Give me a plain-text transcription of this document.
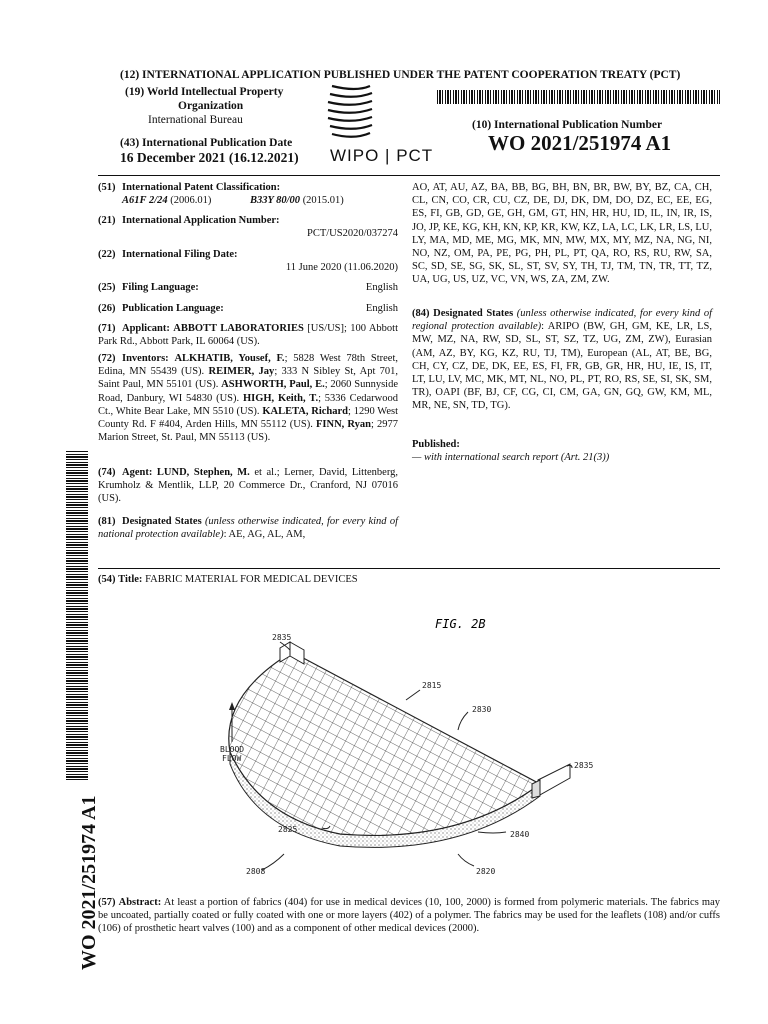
(12) INTERNATIONAL APPLICATION PUBLISHED UNDER THE PATENT COOPERATION TREATY (PCT)
(19) World Intellectual Property
Organization
International Bureau
(43) International Publication Date
16 December 2021 (16.12.2021) WIPO | PCT
(10) International Publication Number
WO 2021/251974 A1
(51) International Patent Classification:
A61F 2/24 (2006.01)	B33Y 80/00 (2015.01)
(21) International Application Number:
PCT/US2020/037274
(22) International Filing Date:
11 June 2020 (11.06.2020)
(25) Filing Language:	English
(26) Publication Language:	English
(71) Applicant: ABBOTT LABORATORIES [US/US]; 100 Abbott Park Rd., Abbott Park, IL 60064 (US).
(72) Inventors: ALKHATIB, Yousef, F.; 5828 West 78th Street, Edina, MN 55439 (US). REIMER, Jay; 333 N Sibley St, Apt 701, Saint Paul, MN 55101 (US). ASHWORTH, Paul, E.; 2060 Sunnyside Road, Danbury, WI 54830 (US). HIGH, Keith, T.; 5336 Cedarwood Ct., White Bear Lake, MN 5510 (US). KALETA, Richard; 1290 West County Rd. F #404, Arden Hills, MN 55112 (US). FINN, Ryan; 2977 Marion Street, St. Paul, MN 55113 (US).
(74) Agent: LUND, Stephen, M. et al.; Lerner, David, Littenberg, Krumholz & Mentlik, LLP, 20 Commerce Dr., Cranford, NJ 07016 (US).
(81) Designated States (unless otherwise indicated, for every kind of national protection available): AE, AG, AL, AM,
AO, AT, AU, AZ, BA, BB, BG, BH, BN, BR, BW, BY, BZ, CA, CH, CL, CN, CO, CR, CU, CZ, DE, DJ, DK, DM, DO, DZ, EC, EE, EG, ES, FI, GB, GD, GE, GH, GM, GT, HN, HR, HU, ID, IL, IN, IR, IS, JO, JP, KE, KG, KH, KN, KP, KR, KW, KZ, LA, LC, LK, LR, LS, LU, LY, MA, MD, ME, MG, MK, MN, MW, MX, MY, MZ, NA, NG, NI, NO, NZ, OM, PA, PE, PG, PH, PL, PT, QA, RO, RS, RU, RW, SA, SC, SD, SE, SG, SK, SL, ST, SV, SY, TH, TJ, TM, TN, TR, TT, TZ, UA, UG, US, UZ, VC, VN, WS, ZA, ZM, ZW.
(84) Designated States (unless otherwise indicated, for every kind of regional protection available): ARIPO (BW, GH, GM, KE, LR, LS, MW, MZ, NA, RW, SD, SL, ST, SZ, TZ, UG, ZM, ZW), Eurasian (AM, AZ, BY, KG, KZ, RU, TJ, TM), European (AL, AT, BE, BG, CH, CY, CZ, DE, DK, EE, ES, FI, FR, GB, GR, HR, HU, IE, IS, IT, LT, LU, LV, MC, MK, MT, NL, NO, PL, PT, RO, RS, SE, SI, SK, SM, TR), OAPI (BF, BJ, CF, CG, CI, CM, GA, GN, GQ, GW, KM, ML, MR, NE, SN, TD, TG).
Published:
— with international search report (Art. 21(3))
(54) Title: FABRIC MATERIAL FOR MEDICAL DEVICES
WO 2021/251974 A1
BLOOD
FLOW
FIG. 2B
2835
2815
2830
2835
2825
2840
2808	2820
(57) Abstract: At least a portion of fabrics (404) for use in medical devices (10, 100, 2000) is formed from polymeric materials. The fabrics may be uncoated, partially coated or fully coated with one or more layers (402) of a polymer. The fabrics may be used for the leaflets (108) and/or cuffs (106) of prosthetic heart valves (100) and as a component of other medical devices (2000).
